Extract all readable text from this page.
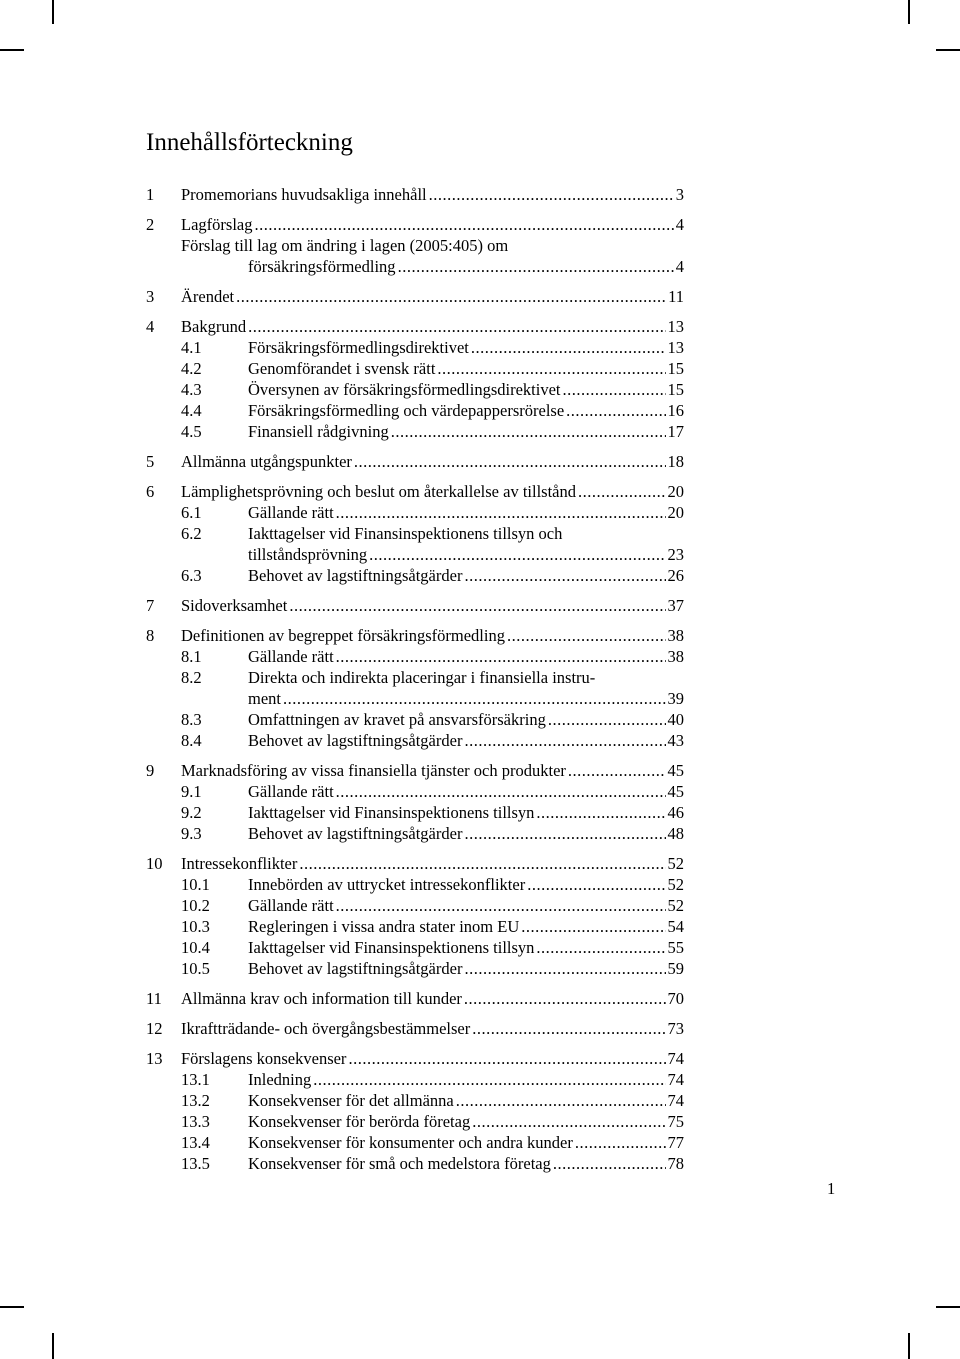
Innehållsförteckning
1 Promemorians huvudsakliga innehåll .....	3
2 Lagförslag .....	4
Förslag till lag om ändring i lagen (2005:405) om
försäkringsförmedling .....	4
3 Ärendet .....	11
4 Bakgrund .....	13
4.1	Försäkringsförmedlingsdirektivet .....	13
4.2	Genomförandet i svensk rätt .....	15
4.3	Översynen av försäkringsförmedlingsdirektivet .....	15
4.4	Försäkringsförmedling och värdepappersrörelse .....	16
4.5	Finansiell rådgivning .....	17
5 Allmänna utgångspunkter .....	18
6 Lämplighetsprövning och beslut om återkallelse av tillstånd .....	20
6.1	Gällande rätt .....	20
6.2	Iakttagelser vid Finansinspektionens tillsyn och
tillståndsprövning .....	23
6.3	Behovet av lagstiftningsåtgärder .....	26
7 Sidoverksamhet .....	37
8 Definitionen av begreppet försäkringsförmedling .....	38
8.1	Gällande rätt .....	38
8.2	Direkta och indirekta placeringar i finansiella instru-
ment .....	39
8.3	Omfattningen av kravet på ansvarsförsäkring .....	40
8.4	Behovet av lagstiftningsåtgärder .....	43
9 Marknadsföring av vissa finansiella tjänster och produkter .....	45
9.1	Gällande rätt .....	45
9.2	Iakttagelser vid Finansinspektionens tillsyn .....	46
9.3	Behovet av lagstiftningsåtgärder .....	48
10 Intressekonflikter .....	52
10.1 Innebörden av uttrycket intressekonflikter .....	52
10.2 Gällande rätt .....	52
10.3 Regleringen i vissa andra stater inom EU .....	54
10.4 Iakttagelser vid Finansinspektionens tillsyn .....	55
10.5 Behovet av lagstiftningsåtgärder .....	59
11 Allmänna krav och information till kunder .....	70
12 Ikraftträdande- och övergångsbestämmelser .....	73
13 Förslagens konsekvenser .....	74
13.1 Inledning .....	74
13.2 Konsekvenser för det allmänna .....	74
13.3 Konsekvenser för berörda företag .....	75
13.4 Konsekvenser för konsumenter och andra kunder .....	77
13.5 Konsekvenser för små och medelstora företag .....	78
1
